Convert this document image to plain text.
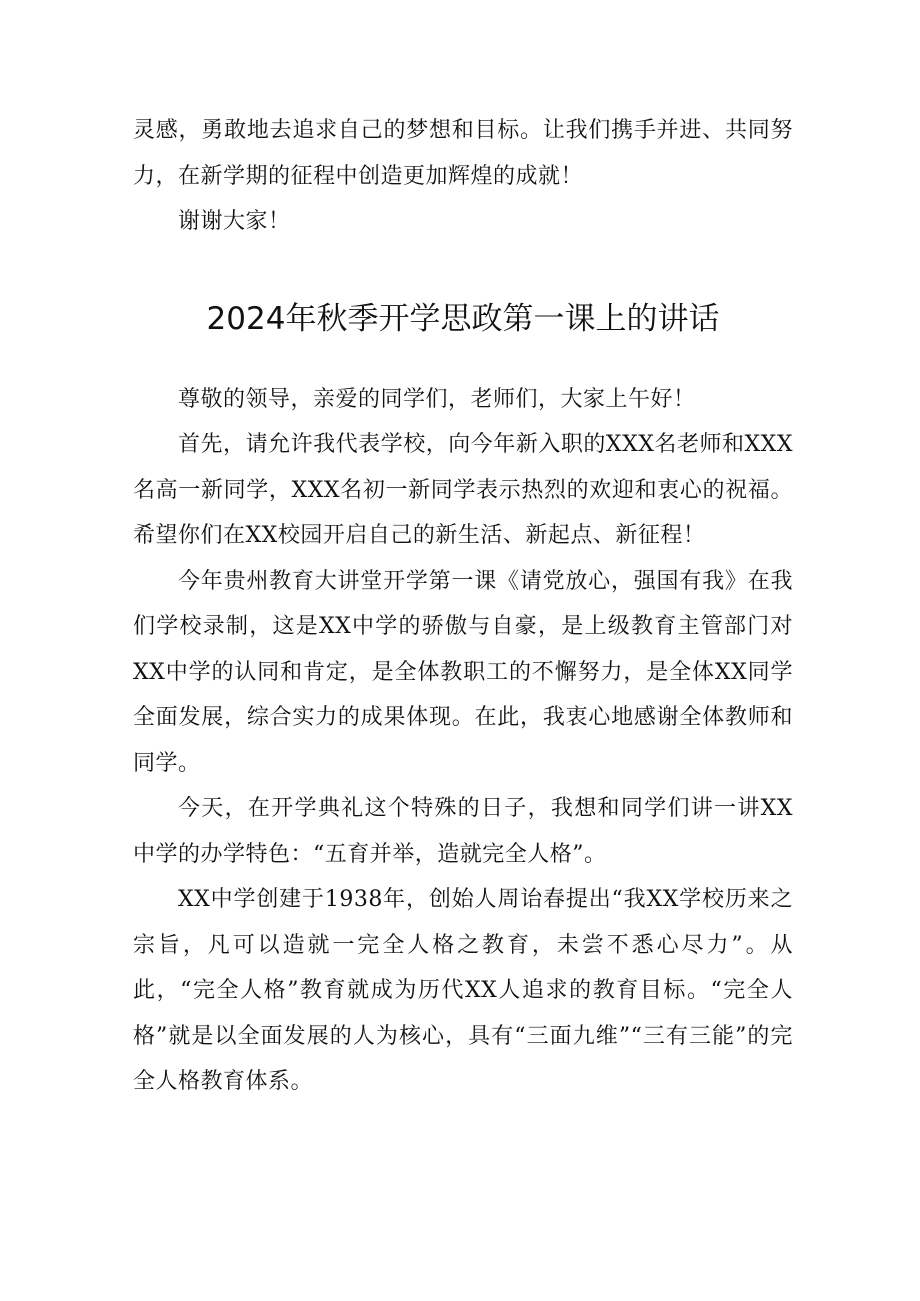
灵感，勇敢地去追求自己的梦想和目标。让我们携手并进、共同努力，在新学期的征程中创造更加辉煌的成就！

谢谢大家！

2024年秋季开学思政第一课上的讲话

尊敬的领导，亲爱的同学们，老师们，大家上午好！

首先，请允许我代表学校，向今年新入职的XXX名老师和XXX名高一新同学，XXX名初一新同学表示热烈的欢迎和衷心的祝福。希望你们在XX校园开启自己的新生活、新起点、新征程！

今年贵州教育大讲堂开学第一课《请党放心，强国有我》在我们学校录制，这是XX中学的骄傲与自豪，是上级教育主管部门对XX中学的认同和肯定，是全体教职工的不懈努力，是全体XX同学全面发展，综合实力的成果体现。在此，我衷心地感谢全体教师和同学。

今天，在开学典礼这个特殊的日子，我想和同学们讲一讲XX中学的办学特色：“五育并举，造就完全人格”。

XX中学创建于1938年，创始人周诒春提出“我XX学校历来之宗旨，凡可以造就一完全人格之教育，未尝不悉心尽力”。从此，“完全人格”教育就成为历代XX人追求的教育目标。“完全人格”就是以全面发展的人为核心，具有“三面九维”“三有三能”的完全人格教育体系。
